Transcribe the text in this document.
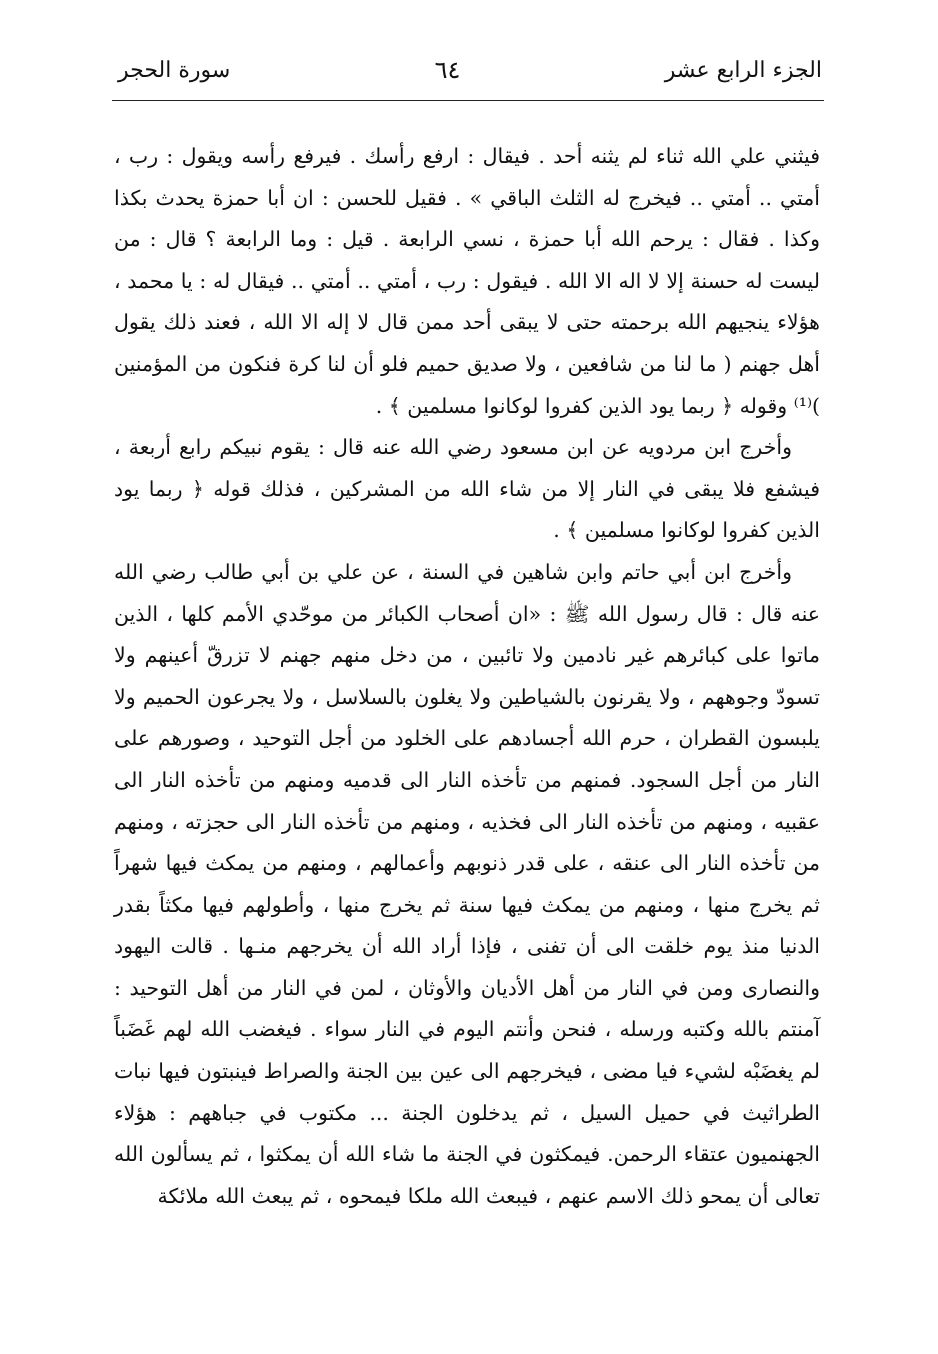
الجزء الرابع عشر
٦٤
سورة الحجر

فيثني علي الله ثناء لم يثنه أحد . فيقال : ارفع رأسك . فيرفع رأسه ويقول : رب ، أمتي .. أمتي .. فيخرج له الثلث الباقي » . فقيل للحسن : ان أبا حمزة يحدث بكذا وكذا . فقال : يرحم الله أبا حمزة ، نسي الرابعة . قيل : وما الرابعة ؟ قال : من ليست له حسنة إلا لا اله الا الله . فيقول : رب ، أمتي .. أمتي .. فيقال له : يا محمد ، هؤلاء ينجيهم الله برحمته حتى لا يبقى أحد ممن قال لا إله الا الله ، فعند ذلك يقول أهل جهنم ( ما لنا من شافعين ، ولا صديق حميم فلو أن لنا كرة فنكون من المؤمنين )⁽¹⁾ وقوله ﴿ ربما يود الذين كفروا لوكانوا مسلمين ﴾ .

وأخرج ابن مردويه عن ابن مسعود رضي الله عنه قال : يقوم نبيكم رابع أربعة ، فيشفع فلا يبقى في النار إلا من شاء الله من المشركين ، فذلك قوله ﴿ ربما يود الذين كفروا لوكانوا مسلمين ﴾ .

وأخرج ابن أبي حاتم وابن شاهين في السنة ، عن علي بن أبي طالب رضي الله عنه قال : قال رسول الله ﷺ : «ان أصحاب الكبائر من موحّدي الأمم كلها ، الذين ماتوا على كبائرهم غير نادمين ولا تائبين ، من دخل منهم جهنم لا تزرقّ أعينهم ولا تسودّ وجوههم ، ولا يقرنون بالشياطين ولا يغلون بالسلاسل ، ولا يجرعون الحميم ولا يلبسون القطران ، حرم الله أجسادهم على الخلود من أجل التوحيد ، وصورهم على النار من أجل السجود. فمنهم من تأخذه النار الى قدميه ومنهم من تأخذه النار الى عقبيه ، ومنهم من تأخذه النار الى فخذيه ، ومنهم من تأخذه النار الى حجزته ، ومنهم من تأخذه النار الى عنقه ، على قدر ذنوبهم وأعمالهم ، ومنهم من يمكث فيها شهراً ثم يخرج منها ، ومنهم من يمكث فيها سنة ثم يخرج منها ، وأطولهم فيها مكثاً بقدر الدنيا منذ يوم خلقت الى أن تفنى ، فإذا أراد الله أن يخرجهم منـها . قالت اليهود والنصارى ومن في النار من أهل الأديان والأوثان ، لمن في النار من أهل التوحيد : آمنتم بالله وكتبه ورسله ، فنحن وأنتم اليوم في النار سواء . فيغضب الله لهم غَضَباً لم يغضَبْه لشيء فيا مضى ، فيخرجهم الى عين بين الجنة والصراط فينبتون فيها نبات الطراثيث في حميل السيل ، ثم يدخلون الجنة ... مكتوب في جباههم : هؤلاء الجهنميون عتقاء الرحمن. فيمكثون في الجنة ما شاء الله أن يمكثوا ، ثم يسألون الله تعالى أن يمحو ذلك الاسم عنهم ، فيبعث الله ملكا فيمحوه ، ثم يبعث الله ملائكة
